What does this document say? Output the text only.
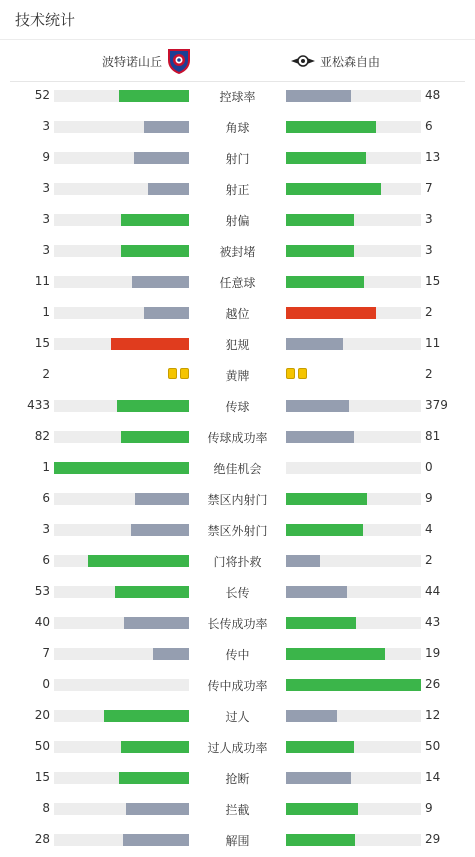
技术统计
波特诺山丘	亚松森自由
52	控球率	48
3	角球	6
9	射门	13
3	射正	7
3	射偏	3
3	被封堵	3
11	任意球	15
1	越位	2
15	犯规	11
2	黄牌	2
433	传球	379
82	传球成功率	81
1	绝佳机会	0
6	禁区内射门	9
3	禁区外射门	4
6	门将扑救	2
53	长传	44
40	长传成功率	43
7	传中	19
0	传中成功率	26
20	过人	12
50	过人成功率	50
15	抢断	14
8	拦截	9
28	解围	29
